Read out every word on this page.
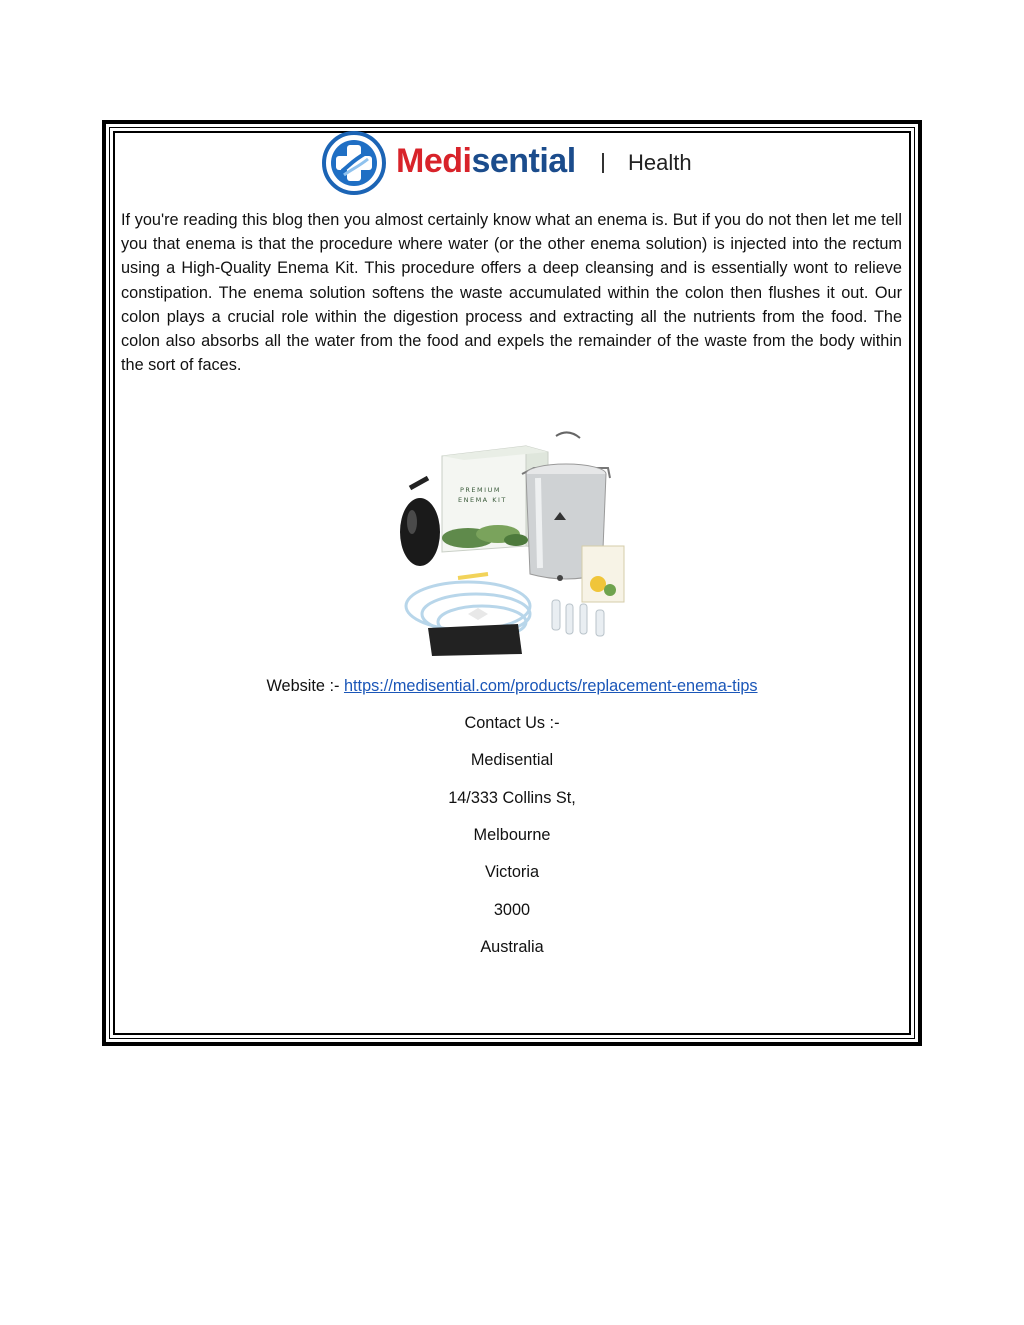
Medisential Health

If you're reading this blog then you almost certainly know what an enema is. But if you do not then let me tell you that enema is that the procedure where water (or the other enema solution) is injected into the rectum using a High-Quality Enema Kit. This procedure offers a deep cleansing and is essentially wont to relieve constipation. The enema solution softens the waste accumulated within the colon then flushes it out. Our colon plays a crucial role within the digestion process and extracting all the nutrients from the food. The colon also absorbs all the water from the food and expels the remainder of the waste from the body within the sort of faces.

PREMIUM
ENEMA KIT
Website :- https://medisential.com/products/replacement-enema-tips
Contact Us :-
Medisential
14/333 Collins St,
Melbourne
Victoria
3000
Australia
